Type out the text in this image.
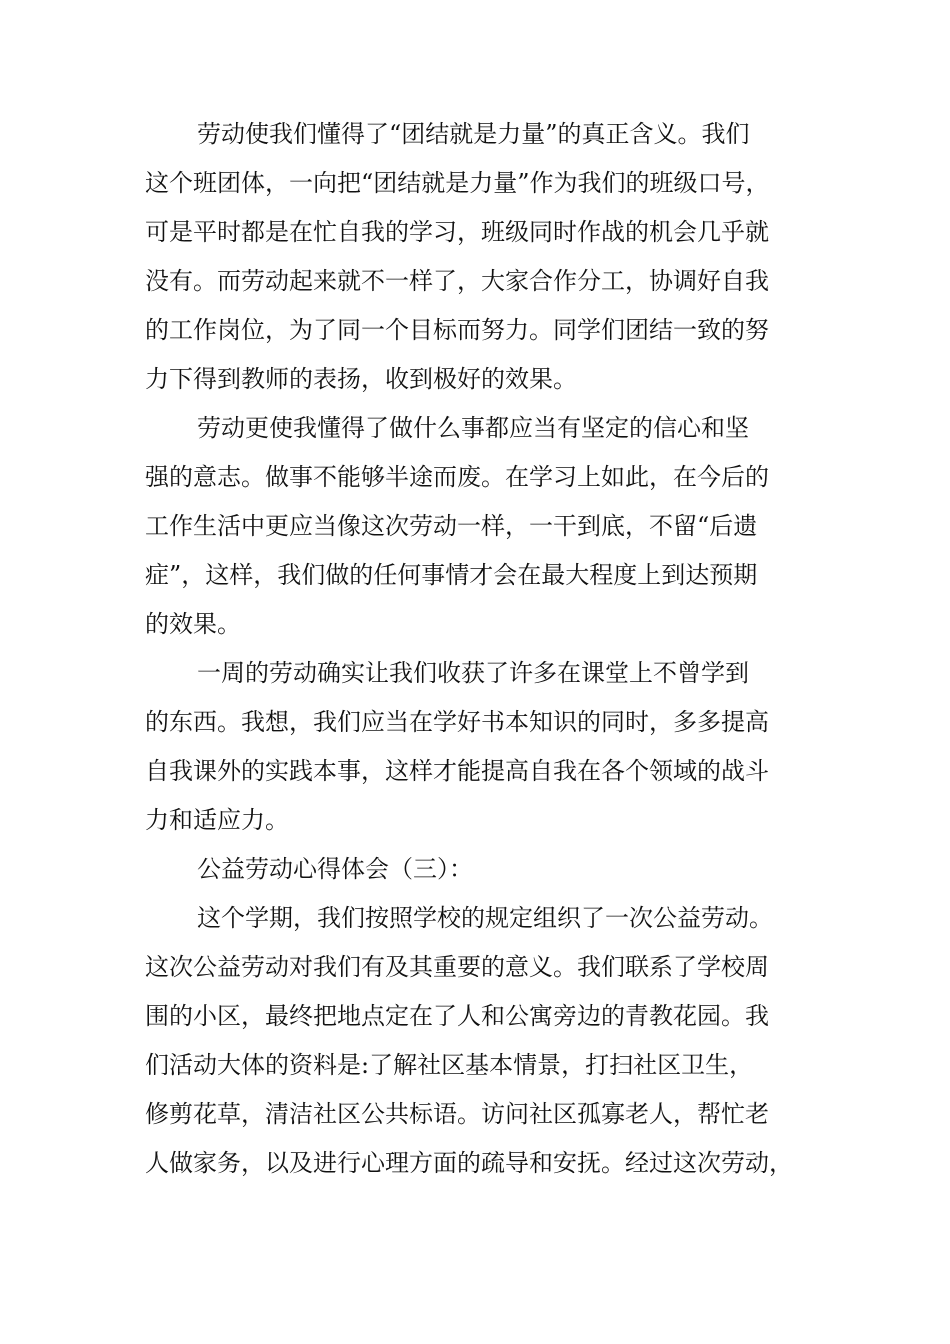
劳动使我们懂得了“团结就是力量”的真正含义。我们
这个班团体，一向把“团结就是力量”作为我们的班级口号，
可是平时都是在忙自我的学习，班级同时作战的机会几乎就
没有。而劳动起来就不一样了，大家合作分工，协调好自我
的工作岗位，为了同一个目标而努力。同学们团结一致的努
力下得到教师的表扬，收到极好的效果。
劳动更使我懂得了做什么事都应当有坚定的信心和坚
强的意志。做事不能够半途而废。在学习上如此，在今后的
工作生活中更应当像这次劳动一样，一干到底，不留“后遗
症”，这样，我们做的任何事情才会在最大程度上到达预期
的效果。
一周的劳动确实让我们收获了许多在课堂上不曾学到
的东西。我想，我们应当在学好书本知识的同时，多多提高
自我课外的实践本事，这样才能提高自我在各个领域的战斗
力和适应力。
公益劳动心得体会（三）：
这个学期，我们按照学校的规定组织了一次公益劳动。
这次公益劳动对我们有及其重要的意义。我们联系了学校周
围的小区，最终把地点定在了人和公寓旁边的青教花园。我
们活动大体的资料是:了解社区基本情景，打扫社区卫生，
修剪花草，清洁社区公共标语。访问社区孤寡老人，帮忙老
人做家务，以及进行心理方面的疏导和安抚。经过这次劳动，
